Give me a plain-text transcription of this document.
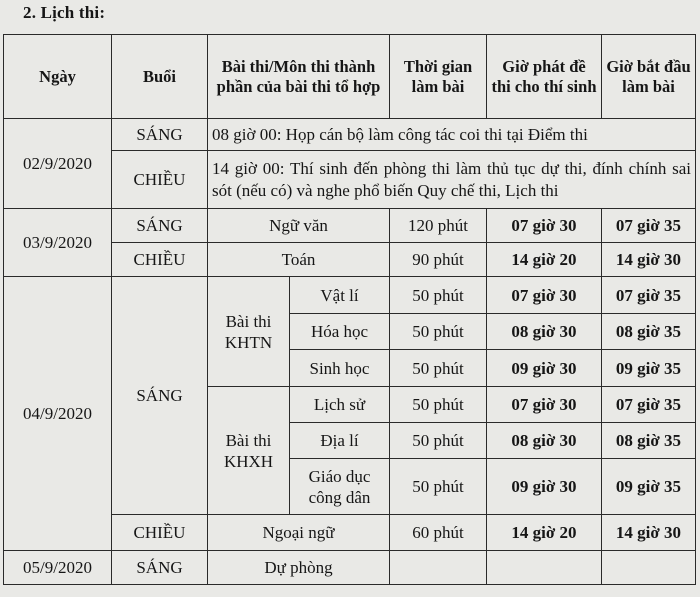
2. Lịch thi:
Ngày	Buổi	Bài thi/Môn thi thành phần của bài thi tổ hợp		Thời gian làm bài	Giờ phát đề thi cho thí sinh	Giờ bắt đầu làm bài
02/9/2020	SÁNG	08 giờ 00: Họp cán bộ làm công tác coi thi tại Điểm thi				
	CHIỀU	14 giờ 00: Thí sinh đến phòng thi làm thủ tục dự thi, đính chính sai sót (nếu có) và nghe phổ biến Quy chế thi, Lịch thi				
03/9/2020	SÁNG	Ngữ văn		120 phút	07 giờ 30	07 giờ 35
	CHIỀU	Toán		90 phút	14 giờ 20	14 giờ 30
04/9/2020	SÁNG	Bài thi KHTN	Vật lí	50 phút	07 giờ 30	07 giờ 35
			Hóa học	50 phút	08 giờ 30	08 giờ 35
			Sinh học	50 phút	09 giờ 30	09 giờ 35
		Bài thi KHXH	Lịch sử	50 phút	07 giờ 30	07 giờ 35
			Địa lí	50 phút	08 giờ 30	08 giờ 35
			Giáo dục công dân	50 phút	09 giờ 30	09 giờ 35
	CHIỀU	Ngoại ngữ		60 phút	14 giờ 20	14 giờ 30
05/9/2020	SÁNG	Dự phòng				
